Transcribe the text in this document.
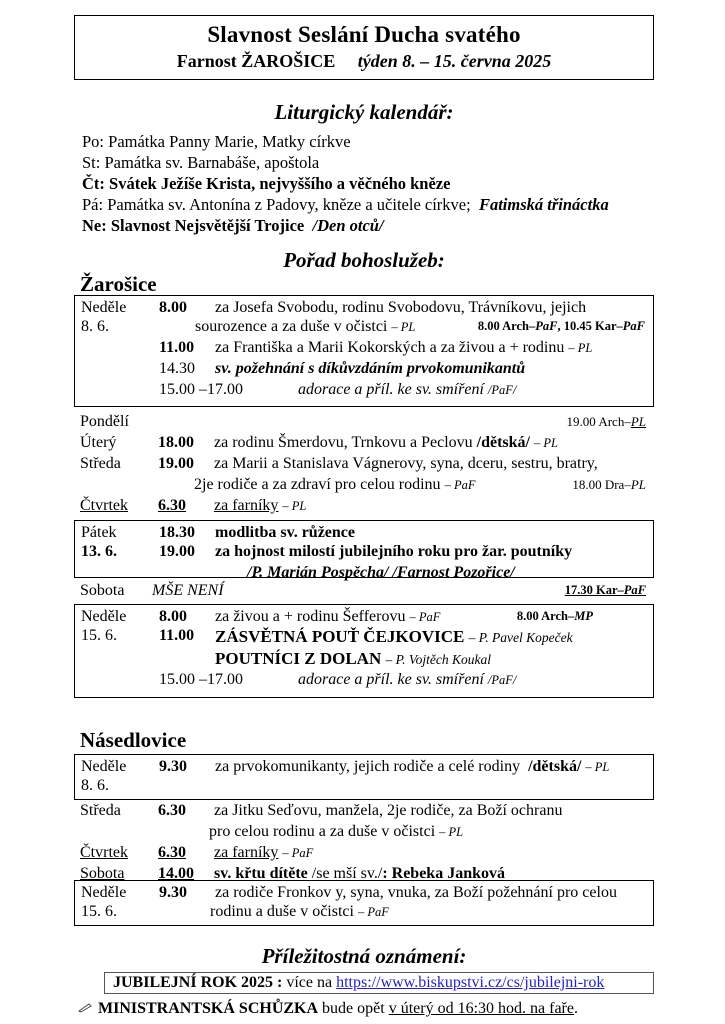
Slavnost Seslání Ducha svatého
Farnost ŽAROŠICE týden 8. – 15. června 2025
Liturgický kalendář:
Po: Památka Panny Marie, Matky církve
St: Památka sv. Barnabáše, apoštola
Čt: Svátek Ježíše Krista, nejvyššího a věčného kněze
Pá: Památka sv. Antonína z Padovy, kněze a učitele církve; Fatimská třináctka
Ne: Slavnost Nejsvětější Trojice /Den otců/
Pořad bohoslužeb:
Žarošice
Neděle 8.00 za Josefa Svobodu, rodinu Svobodovu, Trávníkovu, jejich
8. 6.	sourozence a za duše v očistci – PL	8.00 Arch–PaF, 10.45 Kar–PaF
11.00 za Františka a Marii Kokorských a za živou a + rodinu – PL
14.30 sv. požehnání s díkůvzdáním prvokomunikantů
15.00 –17.00	adorace a příl. ke sv. smíření /PaF/
Pondělí	19.00 Arch–PL
Úterý	18.00 za rodinu Šmerdovu, Trnkovu a Peclovu /dětská/ – PL
Středa 19.00 za Marii a Stanislava Vágnerovy, syna, dceru, sestru, bratry,
2je rodiče a za zdraví pro celou rodinu – PaF	18.00 Dra–PL
Čtvrtek 6.30 za farníky – PL
Pátek	18.30 modlitba sv. růžence
13. 6.	19.00 za hojnost milostí jubilejního roku pro žar. poutníky
/P. Marián Pospěcha/ /Farnost Pozořice/
Sobota MŠE NENÍ	17.30 Kar–PaF
Neděle 8.00 za živou a + rodinu Šefferovu – PaF	8.00 Arch–MP
15. 6.	11.00 ZÁSVĚTNÁ POUŤ ČEJKOVICE – P. Pavel Kopeček
POUTNÍCI Z DOLAN – P. Vojtěch Koukal
15.00 –17.00	adorace a příl. ke sv. smíření /PaF/
Násedlovice
Neděle 9.30 za prvokomunikanty, jejich rodiče a celé rodiny /dětská/ – PL
8. 6.
Středa 6.30 za Jitku Seďovu, manžela, 2je rodiče, za Boží ochranu
pro celou rodinu a za duše v očistci – PL
Čtvrtek 6.30 za farníky – PaF
Sobota 14.00 sv. křtu dítěte /se mší sv./: Rebeka Janková
Neděle 9.30 za rodiče Fronkov y, syna, vnuka, za Boží požehnání pro celou
15. 6.	rodinu a duše v očistci – PaF
Příležitostná oznámení:
JUBILEJNÍ ROK 2025 : více na https://www.biskupstvi.cz/cs/jubilejni-rok
MINISTRANTSKÁ SCHŮZKA bude opět v úterý od 16:30 hod. na faře.
